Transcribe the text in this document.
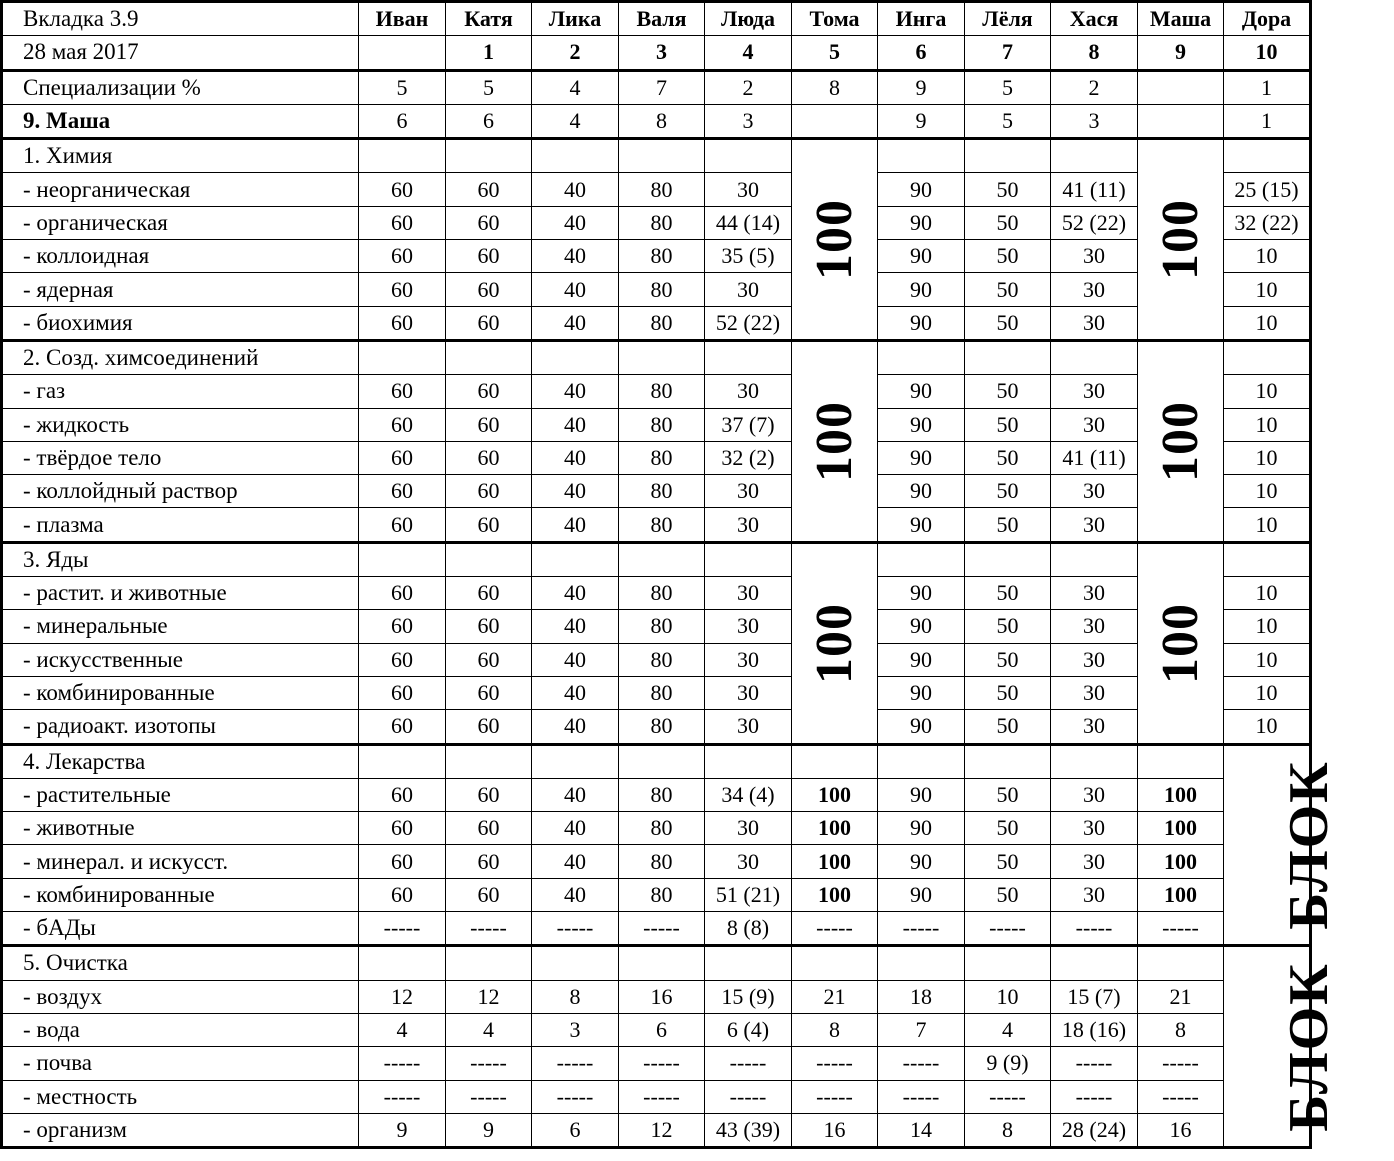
Вкладка 3.9	Иван	Катя	Лика	Валя	Люда	Тома	Инга	Лёля	Хася	Маша	Дора
28 мая 2017		1	2	3	4	5	6	7	8	9	10
Специализации %	5	5	4	7	2	8	9	5	2		1
9. Маша	6	6	4	8	3		9	5	3		1
1. Химия						100				100	
- неорганическая	60	60	40	80	30		90	50	41 (11)		25 (15)
- органическая	60	60	40	80	44 (14)		90	50	52 (22)		32 (22)
- коллоидная	60	60	40	80	35 (5)		90	50	30		10
- ядерная	60	60	40	80	30		90	50	30		10
- биохимия	60	60	40	80	52 (22)		90	50	30		10
2. Созд. химсоединений						100				100	
- газ	60	60	40	80	30		90	50	30		10
- жидкость	60	60	40	80	37 (7)		90	50	30		10
- твёрдое тело	60	60	40	80	32 (2)		90	50	41 (11)		10
- коллойдный раствор	60	60	40	80	30		90	50	30		10
- плазма	60	60	40	80	30		90	50	30		10
3. Яды						100				100	
- растит. и животные	60	60	40	80	30		90	50	30		10
- минеральные	60	60	40	80	30		90	50	30		10
- искусственные	60	60	40	80	30		90	50	30		10
- комбинированные	60	60	40	80	30		90	50	30		10
- радиоакт. изотопы	60	60	40	80	30		90	50	30		10
4. Лекарства											БЛОК
- растительные	60	60	40	80	34 (4)	100	90	50	30	100	
- животные	60	60	40	80	30	100	90	50	30	100	
- минерал. и искусст.	60	60	40	80	30	100	90	50	30	100	
- комбинированные	60	60	40	80	51 (21)	100	90	50	30	100	
- бАДы	-----	-----	-----	-----	8 (8)	-----	-----	-----	-----	-----	
5. Очистка											БЛОК
- воздух	12	12	8	16	15 (9)	21	18	10	15 (7)	21	
- вода	4	4	3	6	6 (4)	8	7	4	18 (16)	8	
- почва	-----	-----	-----	-----	-----	-----	-----	9 (9)	-----	-----	
- местность	-----	-----	-----	-----	-----	-----	-----	-----	-----	-----	
- организм	9	9	6	12	43 (39)	16	14	8	28 (24)	16	
